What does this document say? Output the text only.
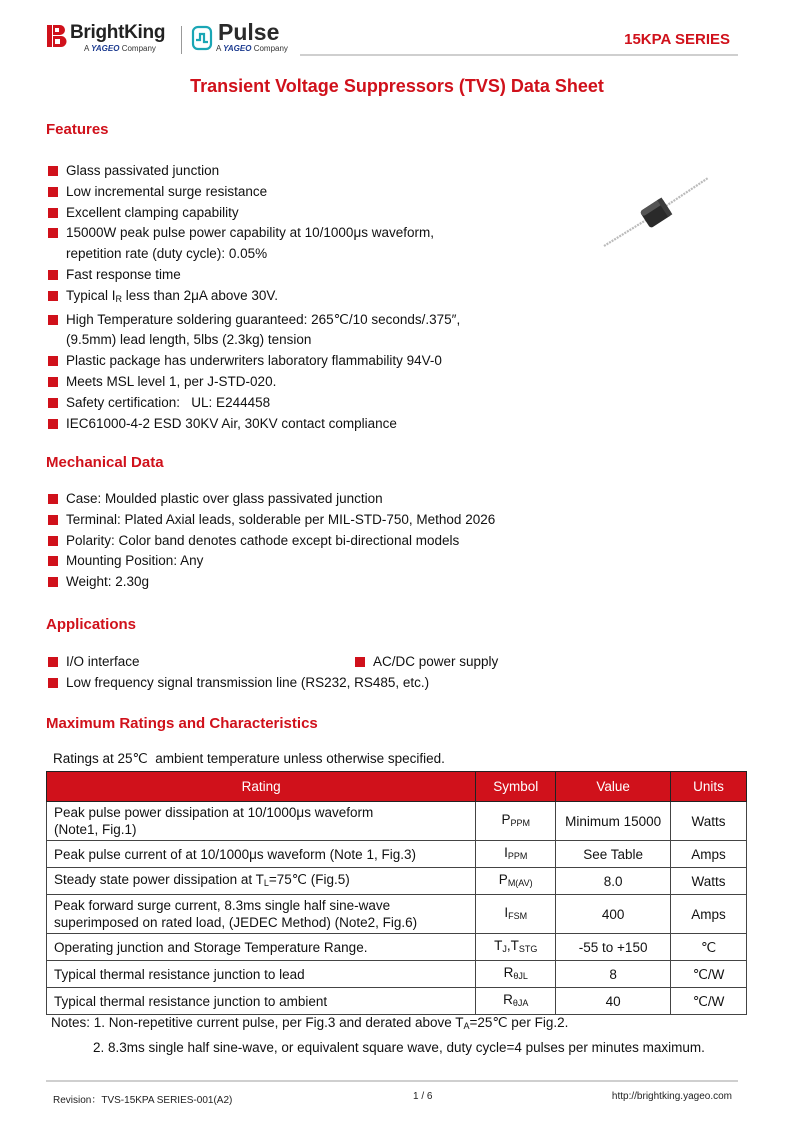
BrightKing
A YAGEO Company
Pulse
A YAGEO Company
15KPA SERIES
Transient Voltage Suppressors (TVS) Data Sheet
Features
Glass passivated junction
Low incremental surge resistance
Excellent clamping capability
15000W peak pulse power capability at 10/1000μs waveform,
repetition rate (duty cycle): 0.05%
Fast response time
Typical $I_R$ less than 2μA above 30V.
High Temperature soldering guaranteed: 265℃/10 seconds/.375″,
(9.5mm) lead length, 5lbs (2.3kg) tension
Plastic package has underwriters laboratory flammability 94V-0
Meets MSL level 1, per J-STD-020.
Safety certification:   UL: E244458
IEC61000-4-2 ESD 30KV Air, 30KV contact compliance
Mechanical Data
Case: Moulded plastic over glass passivated junction
Terminal: Plated Axial leads, solderable per MIL-STD-750, Method 2026
Polarity: Color band denotes cathode except bi-directional models
Mounting Position: Any
Weight: 2.30g
Applications
I/O interface	AC/DC power supply
Low frequency signal transmission line (RS232, RS485, etc.)
Maximum Ratings and Characteristics
Ratings at 25℃  ambient temperature unless otherwise specified.
Rating	Symbol	Value	Units
Peak pulse power dissipation at 10/1000μs waveform
(Note1, Fig.1)	$P_{PPM}$	Minimum 15000	Watts
Peak pulse current of at 10/1000μs waveform (Note 1, Fig.3)	$I_{PPM}$	See Table	Amps
Steady state power dissipation at $T_L=75℃$ (Fig.5)	$P_{M(AV)}$	8.0	Watts
Peak forward surge current, 8.3ms single half sine-wave
superimposed on rated load, (JEDEC Method) (Note2, Fig.6)	$I_{FSM}$	400	Amps
Operating junction and Storage Temperature Range.	$T_J,T_{STG}$	-55 to +150	℃
Typical thermal resistance junction to lead	$R_{\theta JL}$	8	℃/W
Typical thermal resistance junction to ambient	$R_{\theta JA}$	40	℃/W
Notes: 1. Non-repetitive current pulse, per Fig.3 and derated above $T_A=25℃$ per Fig.2.
2. 8.3ms single half sine-wave, or equivalent square wave, duty cycle=4 pulses per minutes maximum.
Revision：TVS-15KPA SERIES-001(A2)	1 / 6	http://brightking.yageo.com
